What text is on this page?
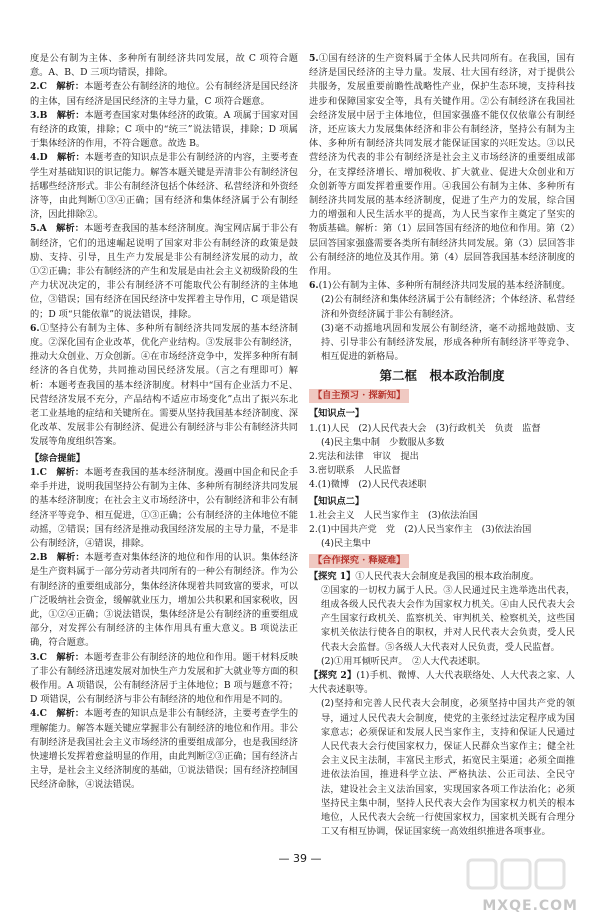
度是公有制为主体、多种所有制经济共同发展，故 C 项符合题意。A、B、D 三项均错误，排除。

2.C　 解析：本题考查公有制经济的地位。公有制经济是国民经济的主体，国有经济是国民经济的主导力量，C 项符合题意。

3.B　 解析：本题考查国家对集体经济的政策。A 项属于国家对国有经济的政策，排除；C 项中的“统三”说法错误，排除；D 项属于集体经济的作用，不符合题意。故选 B。

4.D　 解析：本题考查的知识点是非公有制经济的内容，主要考查学生对基础知识的识记能力。解答本题关键是弄清非公有制经济包括哪些经济形式。非公有制经济包括个体经济、私营经济和外资经济等，由此判断①③④正确；国有经济和集体经济属于公有制经济，因此排除②。

5.A　 解析：本题考查我国的基本经济制度。淘宝网店属于非公有制经济，它们的迅速崛起说明了国家对非公有制经济的政策是鼓励、支持、引导，且生产力发展是非公有制经济发展的动力，故①②正确；非公有制经济的产生和发展是由社会主义初级阶段的生产力状况决定的，非公有制经济不可能取代公有制经济的主体地位，③错误；国有经济在国民经济中发挥着主导作用，C 项是错误的；D 项“只能依靠”的说法错误，排除。

6.①坚持公有制为主体、多种所有制经济共同发展的基本经济制度。②深化国有企业改革，优化产业结构。③发展非公有制经济，推动大众创业、万众创新。④在市场经济竞争中，发挥多种所有制经济的各自优势，共同推动国民经济发展。（言之有理即可）解析：本题考查我国的基本经济制度。材料中“国有企业活力不足、民营经济发展不充分，产品结构不适应市场变化”点出了振兴东北老工业基地的症结和关键所在。需要从坚持我国基本经济制度、深化改革、发展非公有制经济、促进公有制经济与非公有制经济共同发展等角度组织答案。

【综合提能】

1.C　 解析：本题考查我国的基本经济制度。漫画中国企和民企手牵手并进，说明我国坚持公有制为主体、多种所有制经济共同发展的基本经济制度；在社会主义市场经济中，公有制经济和非公有制经济平等竞争、相互促进，①③正确；公有制经济的主体地位不能动摇，②错误；国有经济是推动我国经济发展的主导力量，不是非公有制经济，④错误，排除。

2.B　 解析：本题考查对集体经济的地位和作用的认识。集体经济是生产资料属于一部分劳动者共同所有的一种公有制经济。作为公有制经济的重要组成部分，集体经济体现着共同致富的要求，可以广泛吸纳社会资金，缓解就业压力，增加公共积累和国家税收，因此，①②④正确；③说法错误，集体经济是公有制经济的重要组成部分，对发挥公有制经济的主体作用具有重大意义。B 项说法正确，符合题意。

3.C　 解析：本题考查非公有制经济的地位和作用。题干材料反映了非公有制经济迅速发展对加快生产力发展和扩大就业等方面的积极作用。A 项错误，公有制经济居于主体地位；B 项与题意不符；D 项错误，公有制经济与非公有制经济的地位和作用是不同的。

4.C　 解析：本题考查的知识点是非公有制经济，主要考查学生的理解能力。解答本题关键应掌握非公有制经济的地位和作用。非公有制经济是我国社会主义市场经济的重要组成部分，也是我国经济快速增长发挥着愈益明显的作用，由此判断②③正确；国有经济占主导，是社会主义经济制度的基础，①说法错误；国有经济控制国民经济命脉，④说法错误。

5.①国有经济的生产资料属于全体人民共同所有。在我国，国有经济是国民经济的主导力量。发展、壮大国有经济，对于提供公共服务，发展重要前瞻性战略性产业，保护生态环境，支持科技进步和保障国家安全等，具有关键作用。②公有制经济在我国社会经济发展中居于主体地位，但国家强盛不能仅仅依靠公有制经济，还应该大力发展集体经济和非公有制经济，坚持公有制为主体、多种所有制经济共同发展才能保证国家的兴旺发达。③以民营经济为代表的非公有制经济是社会主义市场经济的重要组成部分，在支撑经济增长、增加税收、扩大就业、促进大众创业和万众创新等方面发挥着重要作用。④我国公有制为主体、多种所有制经济共同发展的基本经济制度，促进了生产力的发展，综合国力的增强和人民生活水平的提高，为人民当家作主奠定了坚实的物质基础。解析：第（1）层回答国有经济的地位和作用。第（2）层回答国家强盛需要各类所有制经济共同发展。第（3）层回答非公有制经济的地位及其作用。第（4）层回答我国基本经济制度的作用。

6.(1)公有制为主体、多种所有制经济共同发展的基本经济制度。

(2)公有制经济和集体经济属于公有制经济；个体经济、私营经济和外资经济属于非公有制经济。

(3)毫不动摇地巩固和发展公有制经济，毫不动摇地鼓励、支持、引导非公有制经济发展，形成各种所有制经济平等竞争、相互促进的新格局。

第二框　根本政治制度
【自主预习 · 探新知】
【知识点一】

1.(1)人民　(2)人民代表大会　(3)行政机关　负责　监督

(4)民主集中制　少数服从多数

2.宪法和法律　审议　提出

3.密切联系　人民监督

4.(1)微博　(2)人民代表述职

【知识点二】

1.社会主义　人民当家作主　(3)依法治国

2.(1)中国共产党　党　(2)人民当家作主　(3)依法治国

(4)民主集中

【合作探究 · 释疑难】

【探究 1】①人民代表大会制度是我国的根本政治制度。

②国家的一切权力属于人民。③人民通过民主选举选出代表，组成各级人民代表大会作为国家权力机关。④由人民代表大会产生国家行政机关、监察机关、审判机关、检察机关，这些国家机关依法行使各自的职权，并对人民代表大会负责，受人民代表大会监督。⑤各级人大代表对人民负责，受人民监督。

(2)①用耳倾听民声。　②人大代表述职。

【探究 2】(1)手机、微博、人大代表联络处、人大代表之家、人大代表述职等。

(2)坚持和完善人民代表大会制度，必须坚持中国共产党的领导，通过人民代表大会制度，使党的主张经过法定程序成为国家意志；必须保证和发展人民当家作主，支持和保证人民通过人民代表大会行使国家权力，保证人民群众当家作主；健全社会主义民主法制，丰富民主形式，拓宽民主渠道；必须全面推进依法治国，推进科学立法、严格执法、公正司法、全民守法，建设社会主义法治国家，实现国家各项工作法治化；必须坚持民主集中制，坚持人民代表大会作为国家权力机关的根本地位，人民代表大会统一行使国家权力，国家机关既有合理分工又有相互协调，保证国家统一高效组织推进各项事业。

— 39 —
MXQE.COM
